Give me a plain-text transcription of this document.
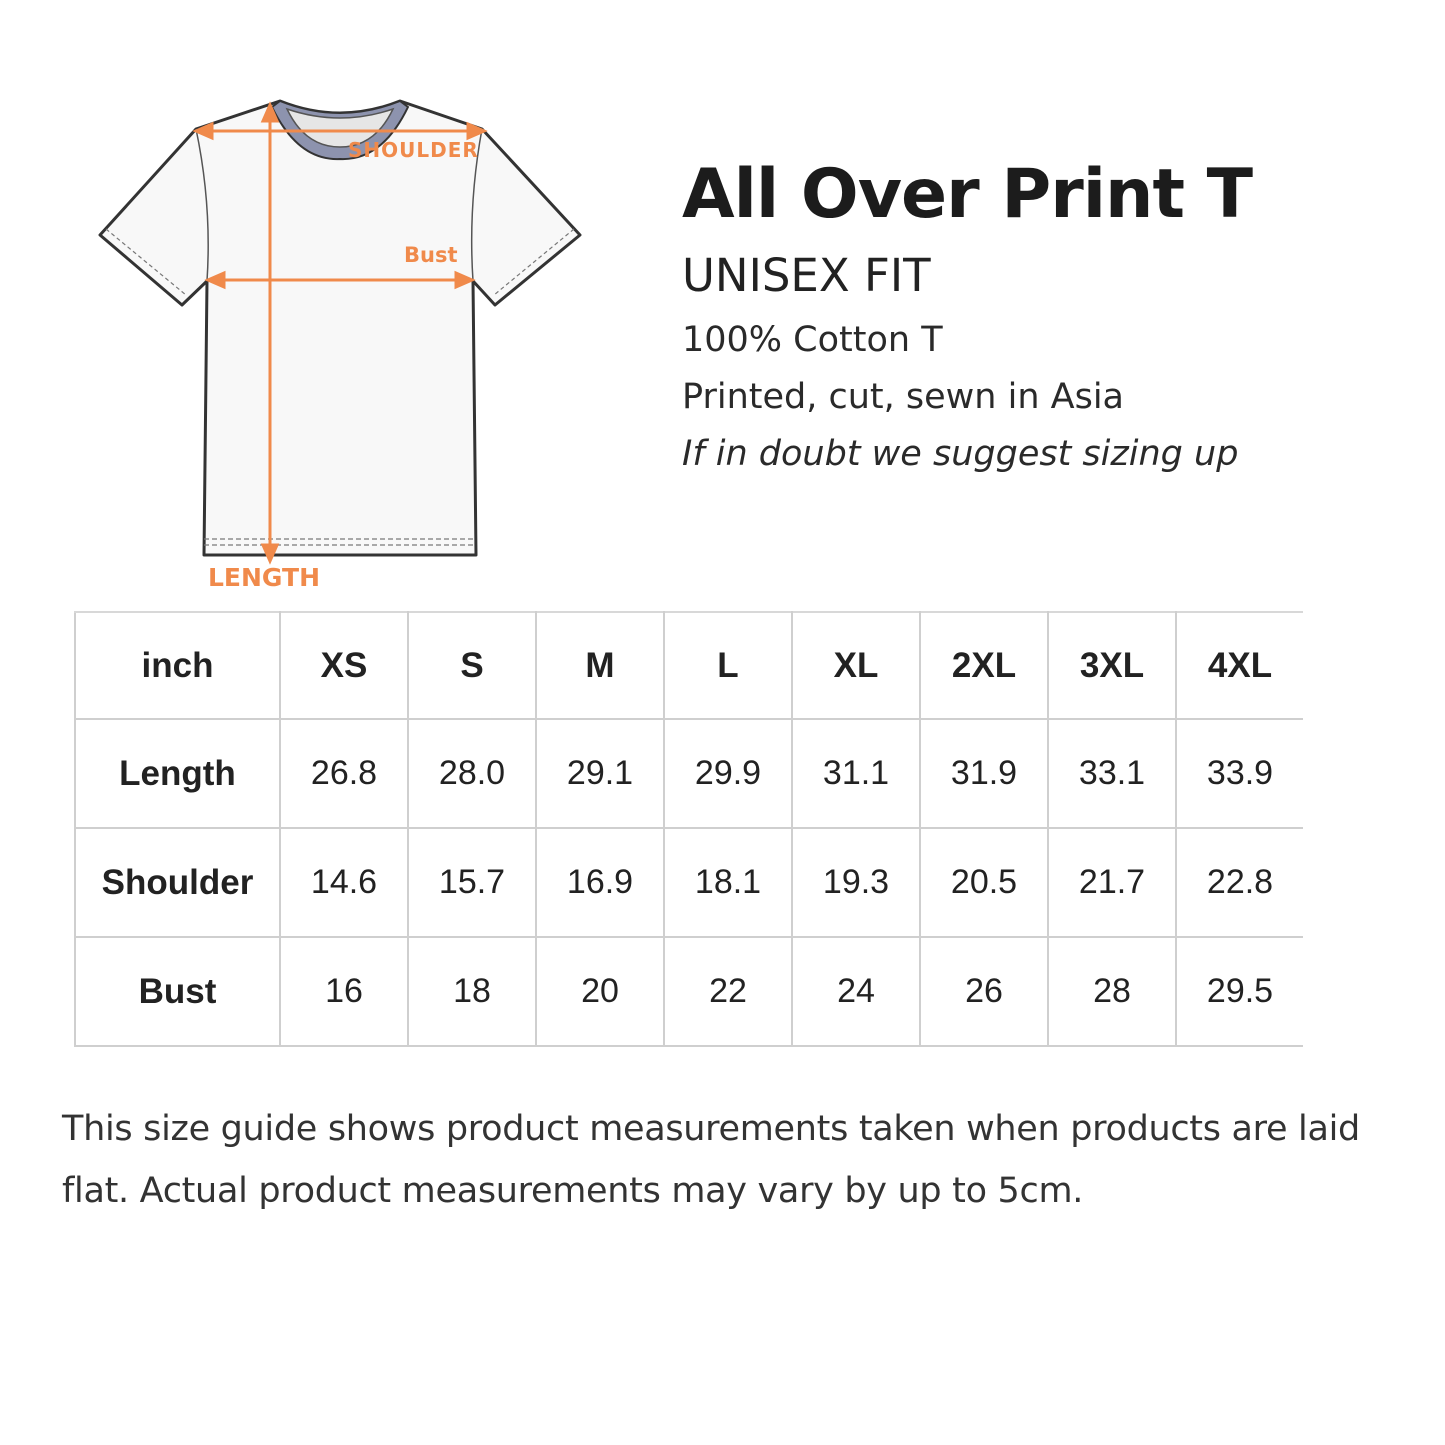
SHOULDER
Bust
LENGTH
All Over Print T

UNISEX FIT

100% Cotton T

Printed, cut, sewn in Asia

If in doubt we suggest sizing up

inch	XS	S	M	L	XL	2XL	3XL	4XL
Length	26.8	28.0	29.1	29.9	31.1	31.9	33.1	33.9
Shoulder	14.6	15.7	16.9	18.1	19.3	20.5	21.7	22.8
Bust	16	18	20	22	24	26	28	29.5

This size guide shows product measurements taken when products are laid flat. Actual product measurements may vary by up to 5cm.
